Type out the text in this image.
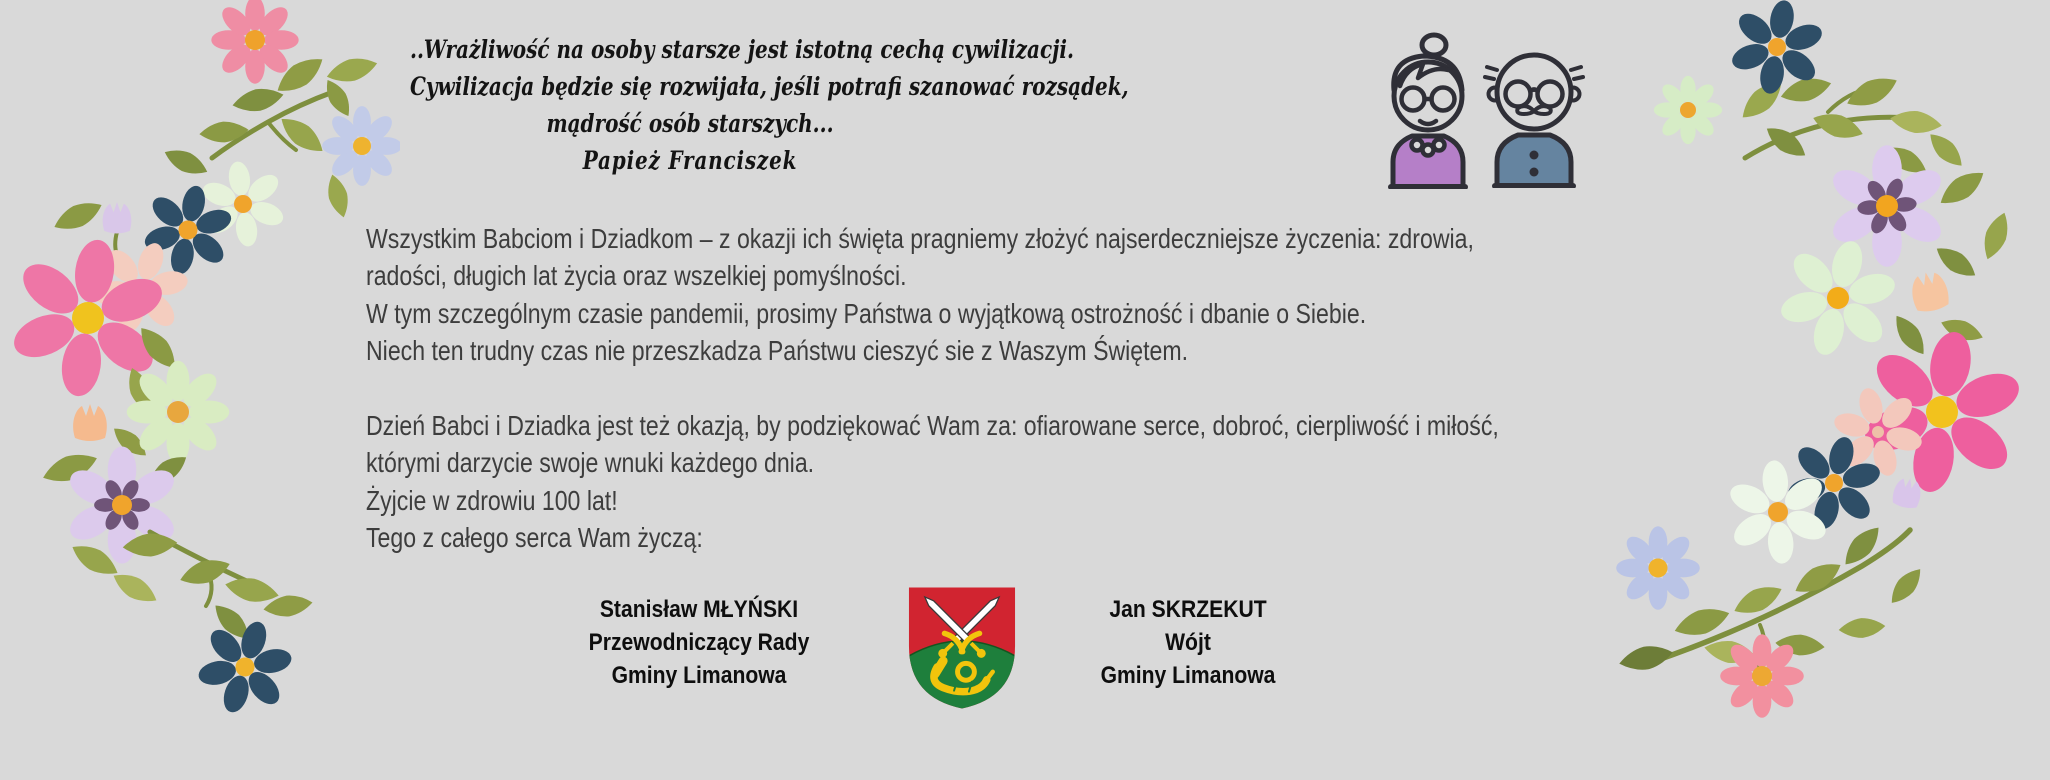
..Wrażliwość na osoby starsze jest istotną cechą cywilizacji.
Cywilizacja będzie się rozwijała, jeśli potrafi szanować rozsądek,
mądrość osób starszych...
Papież Franciszek
Wszystkim Babciom i Dziadkom – z okazji ich święta pragniemy złożyć najserdeczniejsze życzenia: zdrowia,
radości, długich lat życia oraz wszelkiej pomyślności.
W tym szczególnym czasie pandemii, prosimy Państwa o wyjątkową ostrożność i dbanie o Siebie.
Niech ten trudny czas nie przeszkadza Państwu cieszyć sie z Waszym Świętem.
Dzień Babci i Dziadka jest też okazją, by podziękować Wam za: ofiarowane serce, dobroć, cierpliwość i miłość,
którymi darzycie swoje wnuki każdego dnia.
Żyjcie w zdrowiu 100 lat!
Tego z całego serca Wam życzą:
Stanisław MŁYŃSKI
Przewodniczący Rady
Gminy Limanowa
Jan SKRZEKUT
Wójt
Gminy Limanowa
